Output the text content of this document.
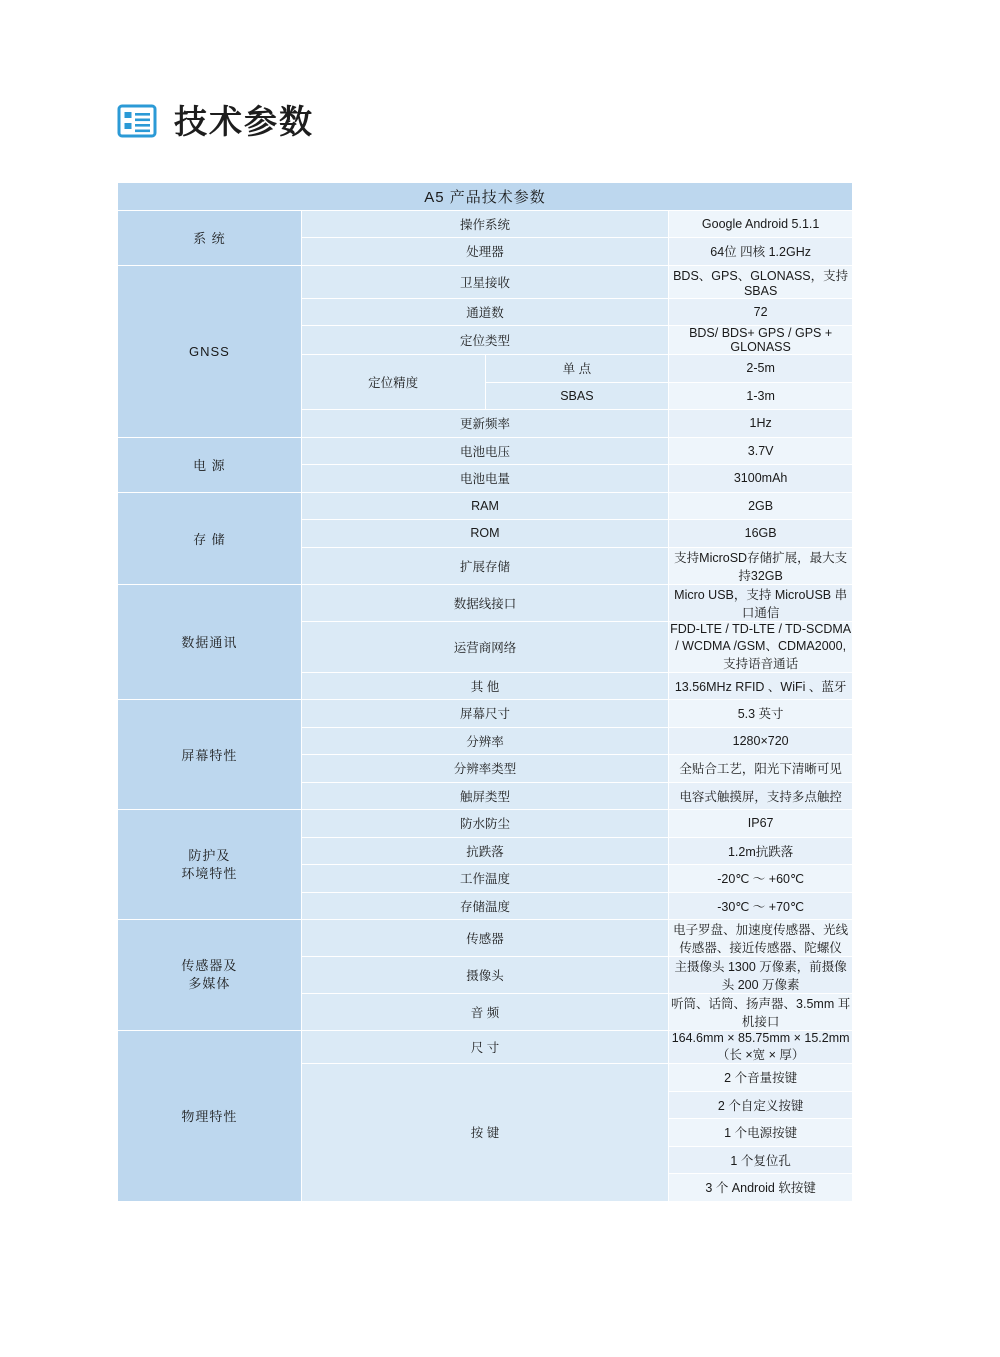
技术参数
A5 产品技术参数			
系 统	操作系统		Google Android 5.1.1
	处理器		64位 四核 1.2GHz
GNSS	卫星接收		BDS、GPS、GLONASS，支持 SBAS
	通道数		72
	定位类型		BDS/ BDS+ GPS / GPS + GLONASS
	定位精度	单 点	2-5m
		SBAS	1-3m
	更新频率		1Hz
电 源	电池电压		3.7V
	电池电量		3100mAh
存 储	RAM		2GB
	ROM		16GB
	扩展存储		支持MicroSD存储扩展，最大支持32GB
数据通讯	数据线接口		Micro USB，支持 MicroUSB 串口通信
	运营商网络		FDD-LTE / TD-LTE / TD-SCDMA / WCDMA /GSM、CDMA2000, 支持语音通话
	其 他		13.56MHz RFID 、WiFi 、蓝牙
屏幕特性	屏幕尺寸		5.3 英寸
	分辨率		1280×720
	分辨率类型		全贴合工艺，阳光下清晰可见
	触屏类型		电容式触摸屏，支持多点触控
防护及
环境特性	防水防尘		IP67
	抗跌落		1.2m抗跌落
	工作温度		-20℃ ～ +60℃
	存储温度		-30℃ ～ +70℃
传感器及
多媒体	传感器		电子罗盘、加速度传感器、光线传感器、接近传感器、陀螺仪
	摄像头		主摄像头 1300 万像素，前摄像头 200 万像素
	音 频		听筒、话筒、扬声器、3.5mm 耳机接口
物理特性	尺 寸		164.6mm × 85.75mm × 15.2mm（长 ×宽 × 厚）
	按 键		2 个音量按键
			2 个自定义按键
			1 个电源按键
			1 个复位孔
			3 个 Android 软按键
